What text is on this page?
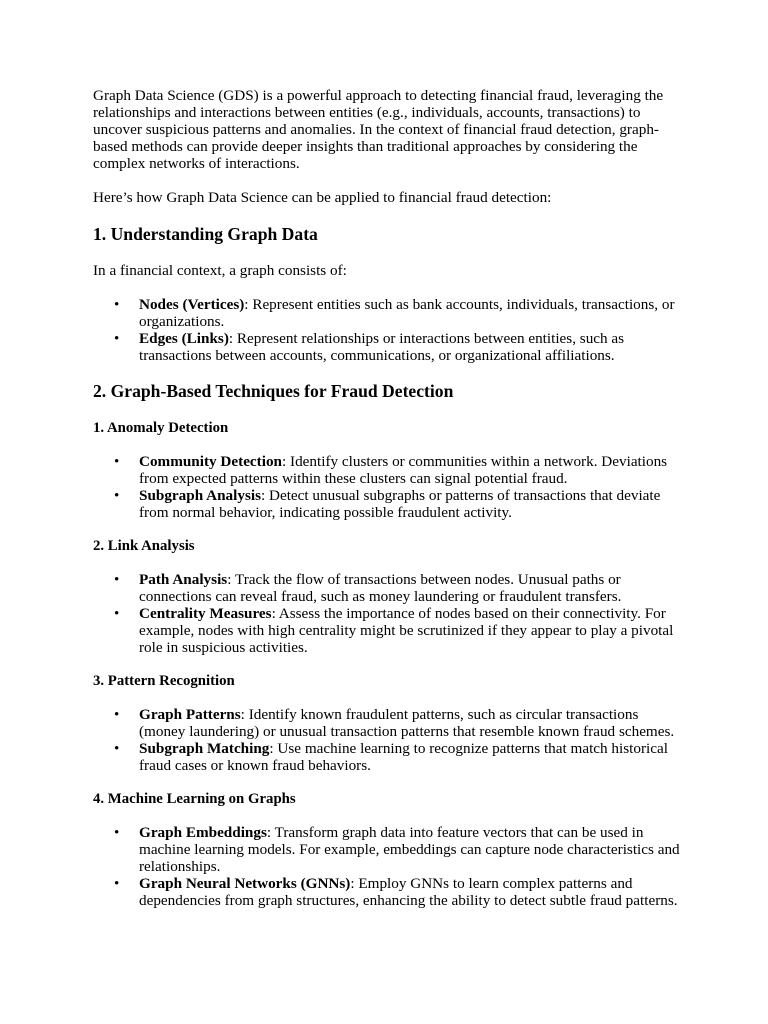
Graph Data Science (GDS) is a powerful approach to detecting financial fraud, leveraging the relationships and interactions between entities (e.g., individuals, accounts, transactions) to uncover suspicious patterns and anomalies. In the context of financial fraud detection, graph-based methods can provide deeper insights than traditional approaches by considering the complex networks of interactions.

Here’s how Graph Data Science can be applied to financial fraud detection:

1. Understanding Graph Data

In a financial context, a graph consists of:

• Nodes (Vertices): Represent entities such as bank accounts, individuals, transactions, or organizations.
• Edges (Links): Represent relationships or interactions between entities, such as transactions between accounts, communications, or organizational affiliations.
2. Graph-Based Techniques for Fraud Detection
1. Anomaly Detection
• Community Detection: Identify clusters or communities within a network. Deviations from expected patterns within these clusters can signal potential fraud.
• Subgraph Analysis: Detect unusual subgraphs or patterns of transactions that deviate from normal behavior, indicating possible fraudulent activity.
2. Link Analysis
• Path Analysis: Track the flow of transactions between nodes. Unusual paths or connections can reveal fraud, such as money laundering or fraudulent transfers.
• Centrality Measures: Assess the importance of nodes based on their connectivity. For example, nodes with high centrality might be scrutinized if they appear to play a pivotal role in suspicious activities.
3. Pattern Recognition
• Graph Patterns: Identify known fraudulent patterns, such as circular transactions (money laundering) or unusual transaction patterns that resemble known fraud schemes.
• Subgraph Matching: Use machine learning to recognize patterns that match historical fraud cases or known fraud behaviors.
4. Machine Learning on Graphs
• Graph Embeddings: Transform graph data into feature vectors that can be used in machine learning models. For example, embeddings can capture node characteristics and relationships.
• Graph Neural Networks (GNNs): Employ GNNs to learn complex patterns and dependencies from graph structures, enhancing the ability to detect subtle fraud patterns.
